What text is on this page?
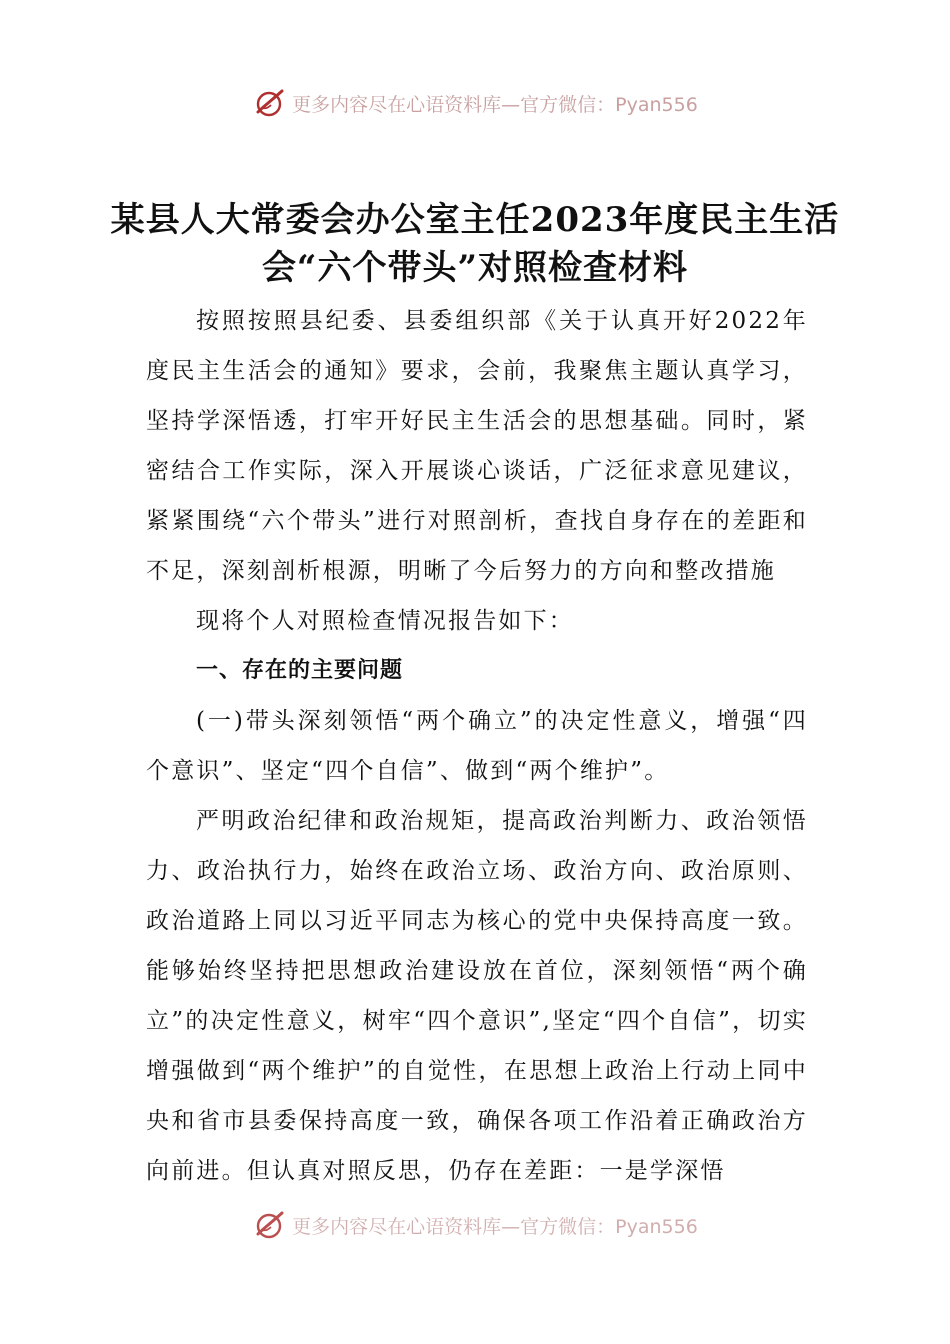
更多内容尽在心语资料库—官方微信：Pyan556
某县人大常委会办公室主任2023年度民主生活会“六个带头”对照检查材料

按照按照县纪委、县委组织部《关于认真开好2022年度民主生活会的通知》要求，会前，我聚焦主题认真学习，坚持学深悟透，打牢开好民主生活会的思想基础。同时，紧密结合工作实际，深入开展谈心谈话，广泛征求意见建议，紧紧围绕“六个带头”进行对照剖析，查找自身存在的差距和不足，深刻剖析根源，明晰了今后努力的方向和整改措施

现将个人对照检查情况报告如下：

一、存在的主要问题

(一)带头深刻领悟“两个确立”的决定性意义，增强“四个意识”、坚定“四个自信”、做到“两个维护”。

严明政治纪律和政治规矩，提高政治判断力、政治领悟力、政治执行力，始终在政治立场、政治方向、政治原则、政治道路上同以习近平同志为核心的党中央保持高度一致。能够始终坚持把思想政治建设放在首位，深刻领悟“两个确立”的决定性意义，树牢“四个意识”,坚定“四个自信”，切实增强做到“两个维护”的自觉性，在思想上政治上行动上同中央和省市县委保持高度一致，确保各项工作沿着正确政治方向前进。但认真对照反思，仍存在差距：一是学深悟

更多内容尽在心语资料库—官方微信：Pyan556
